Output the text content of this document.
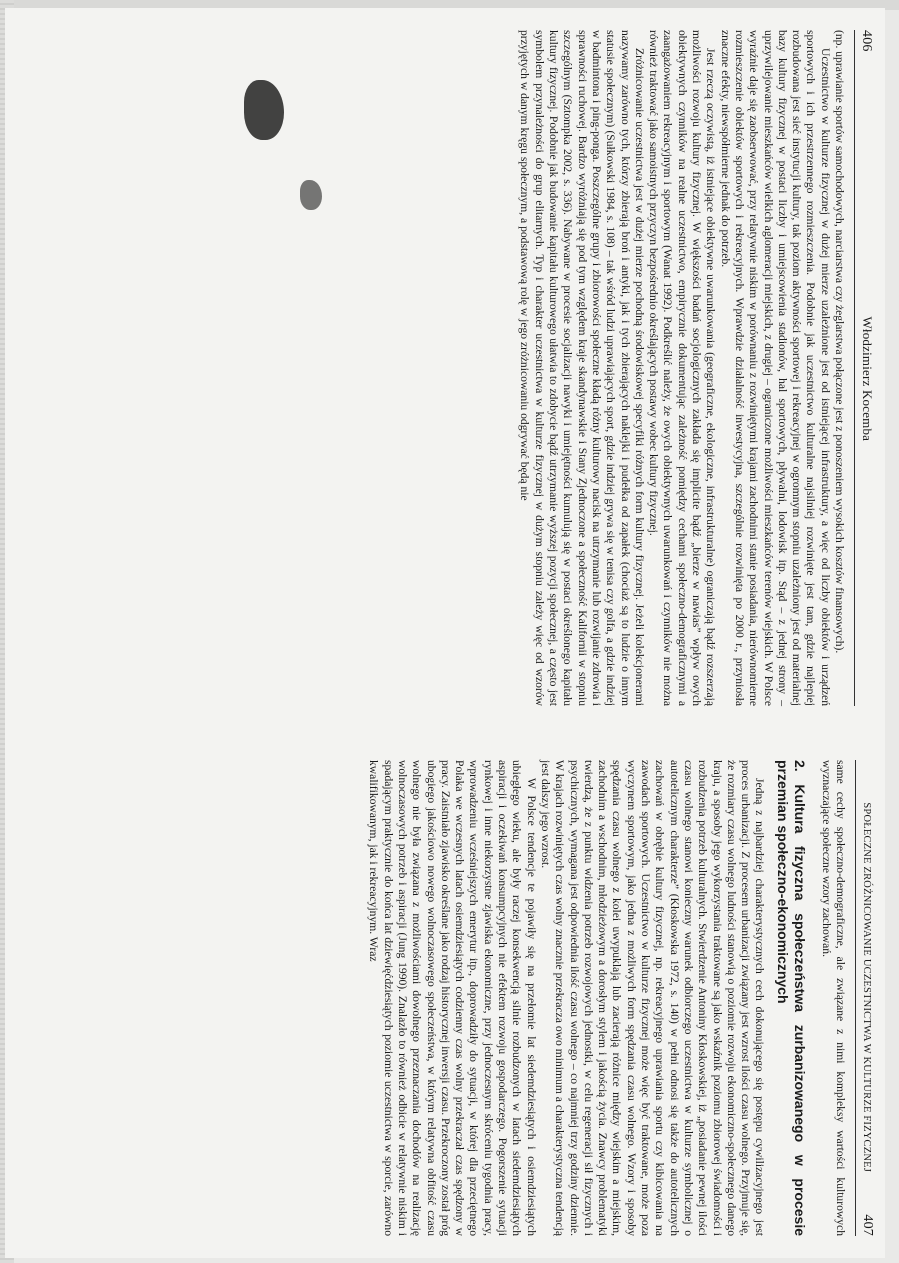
406
Włodzimierz Kocemba

(np. uprawianie sportów samochodowych, narciarstwa czy żeglarstwa połączone jest z ponoszeniem wysokich kosztów finansowych).

Uczestnictwo w kulturze fizycznej w dużej mierze uzależnione jest od istniejącej infrastruktury, a więc od liczby obiektów i urządzeń sportowych i ich przestrzennego rozmieszczenia. Podobnie jak uczestnictwo kulturalne najsilniej rozwinięte jest tam, gdzie najlepiej rozbudowana jest sieć instytucji kultury, tak poziom aktywności sportowej i rekreacyjnej w ogromnym stopniu uzależniony jest od materialnej bazy kultury fizycznej w postaci liczby i umiejscowienia stadionów, hal sportowych, pływalni, lodowisk itp. Stąd – z jednej strony – uprzywilejowanie mieszkańców wielkich aglomeracji miejskich, z drugiej – ograniczone możliwości mieszkańców terenów wiejskich. W Polsce wyraźnie daje się zaobserwować, przy relatywnie niskim w porównaniu z rozwiniętymi krajami zachodnimi stanie posiadania, nierównomierne rozmieszczenie obiektów sportowych i rekreacyjnych. Wprawdzie działalność inwestycyjna, szczególnie rozwinięta po 2000 r., przyniosła znaczne efekty, niewspółmierne jednak do potrzeb.

Jest rzeczą oczywistą, iż istniejące obiektywne uwarunkowania (geograficzne, ekologiczne, infrastrukturalne) ograniczają bądź rozszerzają możliwości rozwoju kultury fizycznej. W większości badań socjologicznych zakłada się implicite bądź „bierze w nawias” wpływ owych obiektywnych czynników na realne uczestnictwo, empirycznie dokumentując zależność pomiędzy cechami społeczno-demograficznymi a zaangażowaniem rekreacyjnym i sportowym (Wanat 1992). Podkreślić należy, że owych obiektywnych uwarunkowań i czynników nie można również traktować jako samoistnych przyczyn bezpośrednio określających postawy wobec kultury fizycznej.

Zróżnicowanie uczestnictwa jest w dużej mierze pochodną środowiskowej specyfiki różnych form kultury fizycznej. Jeżeli kolekcjonerami nazywamy zarówno tych, którzy zbierają broń i antyki, jak i tych zbierających naklejki i pudełka od zapałek (chociaż są to ludzie o innym statusie społecznym) (Sułkowski 1984, s. 108) – tak wśród ludzi uprawiających sport, gdzie indziej grywa się w tenisa czy golfa, a gdzie indziej w badmintona i ping-ponga. Poszczególne grupy i zbiorowości społeczne kładą różny kulturowy nacisk na utrzymanie lub rozwijanie zdrowia i sprawności ruchowej. Bardzo wyróżniają się pod tym względem kraje skandynawskie i Stany Zjednoczone a społeczność Kalifornii w stopniu szczególnym (Sztompka 2002, s. 336). Nabywane w procesie socjalizacji nawyki i umiejętności kumulują się w postaci określonego kapitału kultury fizycznej. Podobnie jak budowanie kapitału kulturowego ułatwia to zdobycie bądź utrzymanie wyższej pozycji społecznej, a często jest symbolem przynależności do grup elitarnych. Typ i charakter uczestnictwa w kulturze fizycznej w dużym stopniu zależy więc od wzorów przyjętych w danym kręgu społecznym, a podstawową rolę w jego zróżnicowaniu odgrywać będą nie

SPOŁECZNE ZRÓŻNICOWANIE UCZESTNICTWA W KULTURZE FIZYCZNEJ
407

same cechy społeczno-demograficzne, ale związane z nimi kompleksy wartości kulturowych wyznaczające społeczne wzory zachowań.

2. Kultura fizyczna społeczeństwa zurbanizowanego w procesie przemian społeczno-ekonomicznych

Jedną z najbardziej charakterystycznych cech dokonującego się postępu cywilizacyjnego jest proces urbanizacji. Z procesem urbanizacji związany jest wzrost ilości czasu wolnego. Przyjmuje się, że rozmiary czasu wolnego ludności stanowią o poziomie rozwoju ekonomiczno-społecznego danego kraju, a sposoby jego wykorzystania traktowane są jako wskaźnik poziomu zbiorowej świadomości i rozbudzenia potrzeb kulturalnych. Stwierdzenie Antoniny Kłoskowskiej, iż „posiadanie pewnej ilości czasu wolnego stanowi konieczny warunek odbiorczego uczestnictwa w kulturze symbolicznej o autotelicznym charakterze” (Kłoskowska 1972, s. 140) w pełni odnosi się także do autotelicznych zachowań w obrębie kultury fizycznej, np. rekreacyjnego uprawiania sportu czy kibicowania na zawodach sportowych. Uczestnictwo w kulturze fizycznej może więc być traktowane, może poza wyczynem sportowym, jako jedna z możliwych form spędzania czasu wolnego. Wzory i sposoby spędzania czasu wolnego z kolei uwypuklają lub zacierają różnice między wiejskim a miejskim, zachodnim a wschodnim, młodzieżowym a dorosłym stylem i jakością życia. Znawcy problematyki twierdzą, że z punktu widzenia potrzeb rozwojowych jednostki, w celu regeneracji sił fizycznych i psychicznych, wymagana jest odpowiednia ilość czasu wolnego – co najmniej trzy godziny dziennie. W krajach rozwiniętych czas wolny znacznie przekracza owo minimum a charakterystyczna tendencją jest dalszy jego wzrost.

W Polsce tendencje te pojawiły się na przełomie lat siedemdziesiątych i osiemdziesiątych ubiegłego wieku, ale były raczej konsekwencją silnie rozbudzonych w latach siedemdziesiątych aspiracji i oczekiwań konsumpcyjnych nie efektem rozwoju gospodarczego. Pogorszenie sytuacji rynkowej i inne niekorzystne zjawiska ekonomiczne, przy jednoczesnym skróceniu tygodnia pracy, wprowadzeniu wcześniejszych emerytur itp., doprowadziły do sytuacji, w której dla przeciętnego Polaka we wczesnych latach osiemdziesiątych codzienny czas wolny przekraczał czas spędzony w pracy. Zaistniało zjawisko określane jako rodzaj historycznej inwersji czasu. Przekroczony został próg ubogiego jakościowo nowego wolnoczasowego społeczeństwa, w którym relatywna obfitość czasu wolnego nie była związana z możliwościami dowolnego przeznaczania dochodów na realizację wolnoczasowych potrzeb i aspiracji (Jung 1990). Znalazło to również odbicie w relatywnie niskim i spadającym praktycznie do końca lat dziewięćdziesiątych poziomie uczestnictwa w sporcie, zarówno kwalifikowanym, jak i rekreacyjnym. Wraz
